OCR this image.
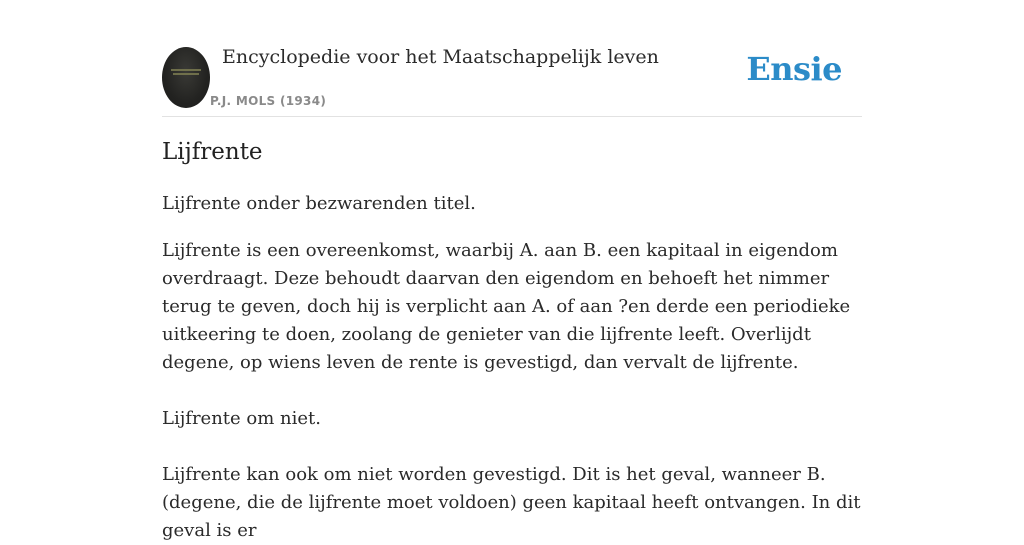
Encyclopedie voor het Maatschappelijk leven
P.J. MOLS (1934)
Ensie
Lijfrente

Lijfrente onder bezwarenden titel.

Lijfrente is een overeenkomst, waarbij A. aan B. een kapitaal in eigendom overdraagt. Deze behoudt daarvan den eigendom en behoeft het nimmer terug te geven, doch hij is verplicht aan A. of aan ?en derde een periodieke uitkeering te doen, zoolang de genieter van die lijfrente leeft. Overlijdt degene, op wiens leven de rente is gevestigd, dan vervalt de lijfrente.

Lijfrente om niet.

Lijfrente kan ook om niet worden gevestigd. Dit is het geval, wanneer B. (degene, die de lijfrente moet voldoen) geen kapitaal heeft ontvangen. In dit geval is er
